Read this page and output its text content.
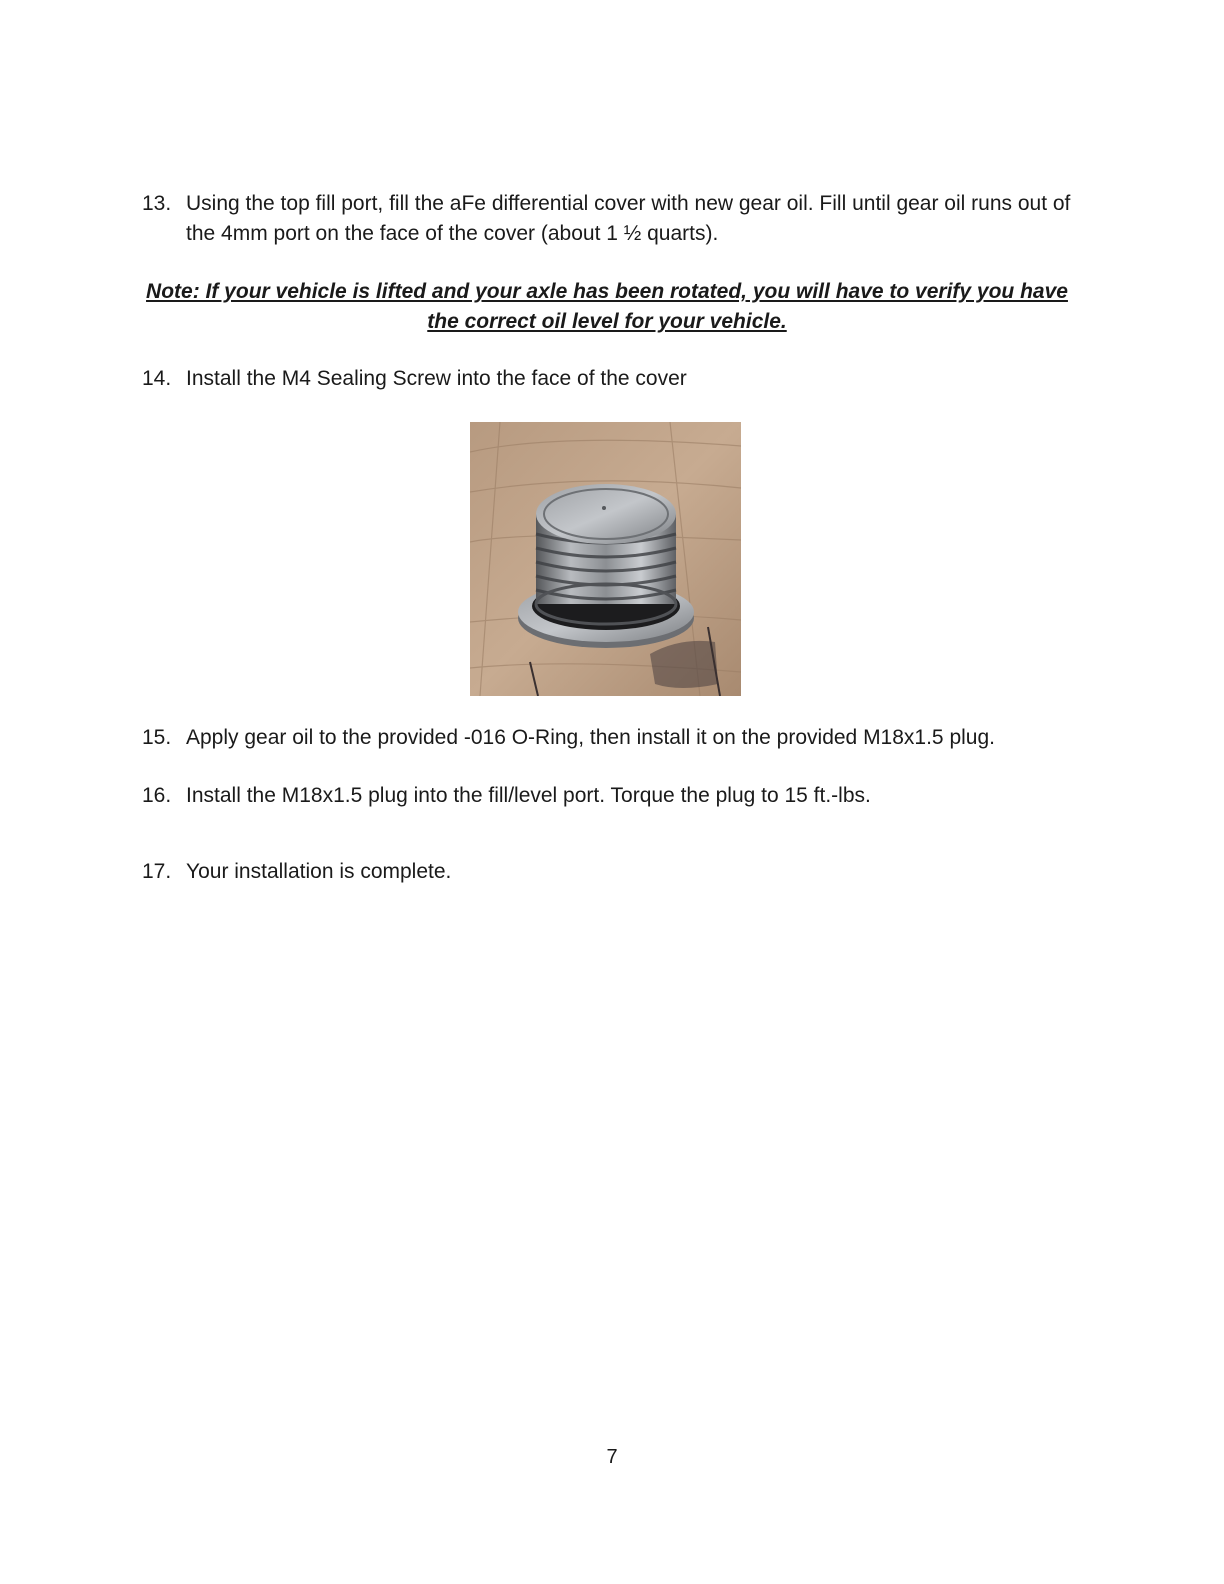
13. Using the top fill port, fill the aFe differential cover with new gear oil. Fill until gear oil runs out of the 4mm port on the face of the cover (about 1 ½ quarts).
Note: If your vehicle is lifted and your axle has been rotated, you will have to verify you have the correct oil level for your vehicle.
14. Install the M4 Sealing Screw into the face of the cover
15. Apply gear oil to the provided -016 O-Ring, then install it on the provided M18x1.5 plug.
16. Install the M18x1.5 plug into the fill/level port. Torque the plug to 15 ft.-lbs.
17. Your installation is complete.
7
